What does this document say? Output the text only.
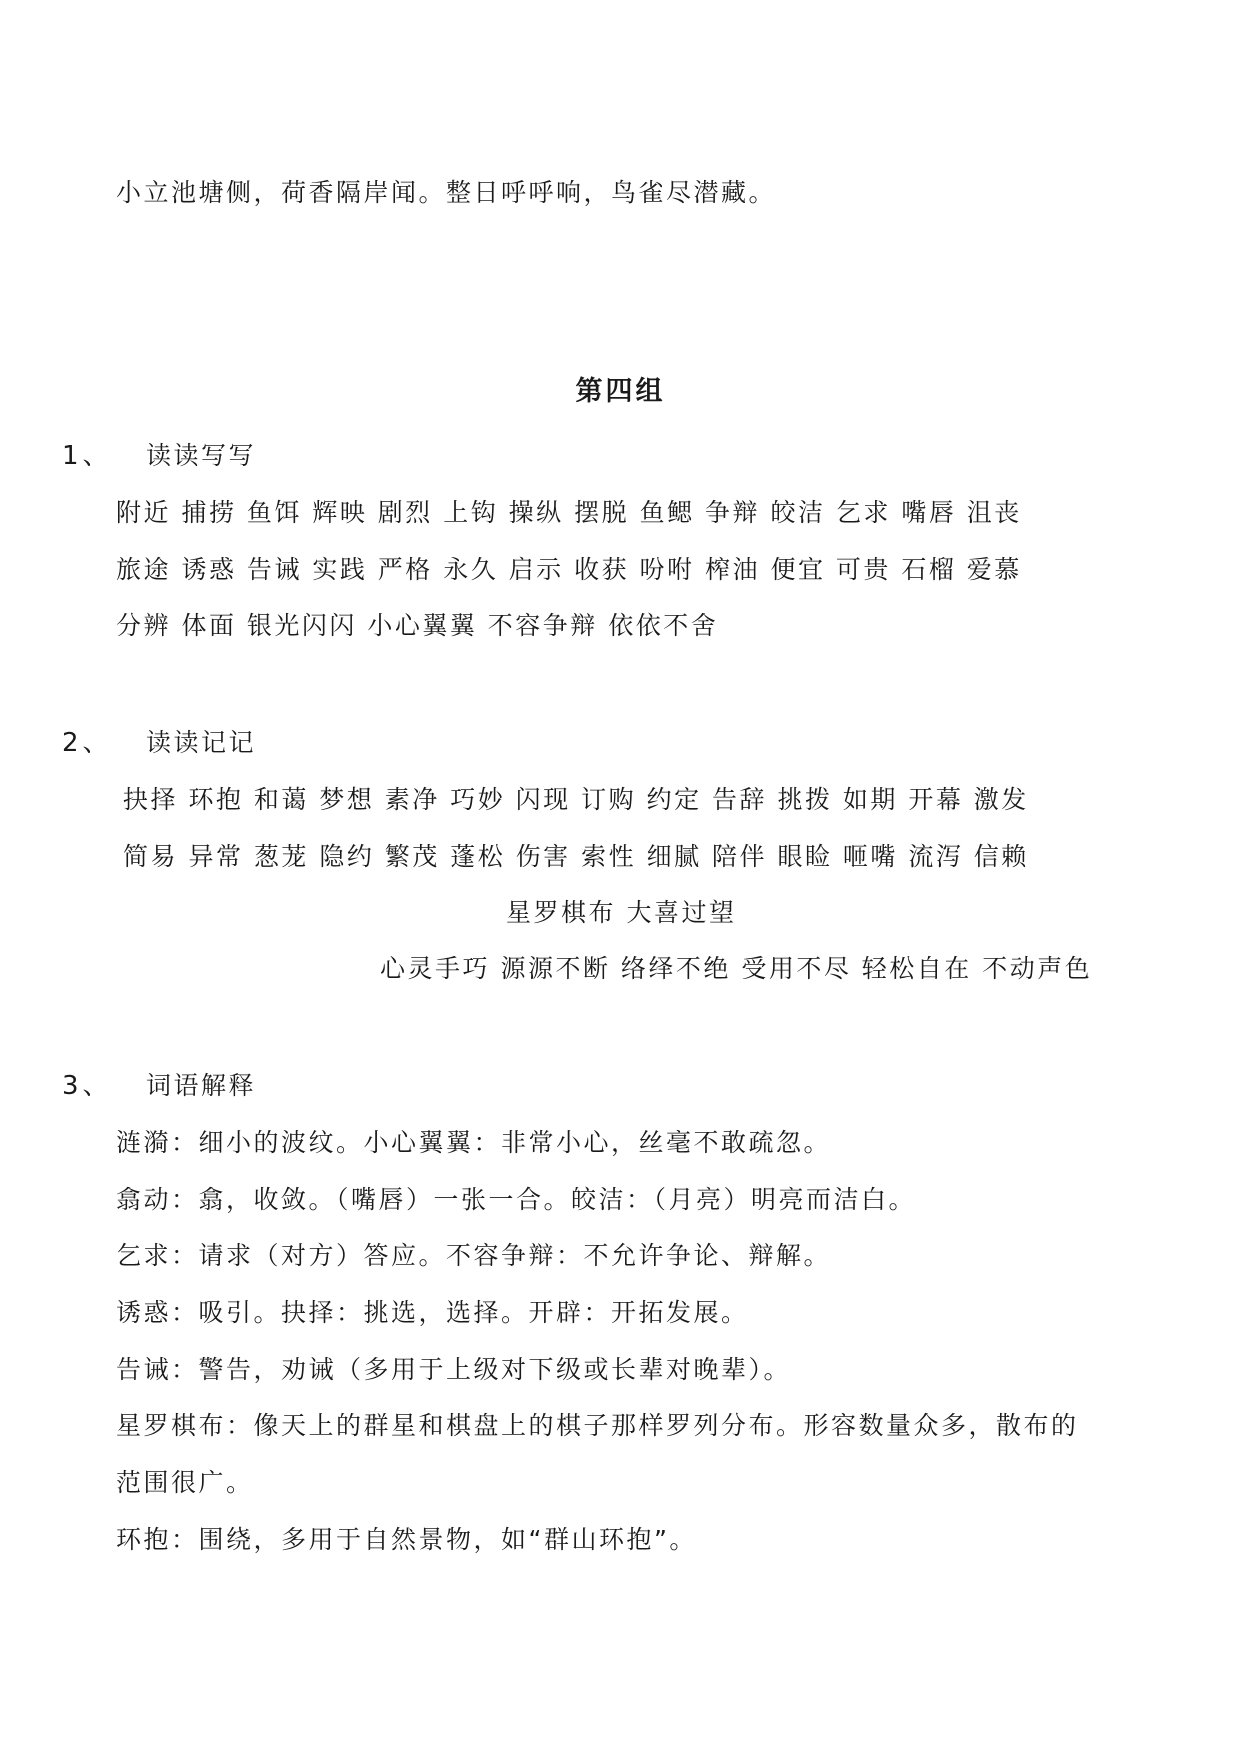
小立池塘侧，荷香隔岸闻。整日呼呼响，鸟雀尽潜藏。
第四组
1、 读读写写
附近 捕捞 鱼饵 辉映 剧烈 上钩 操纵 摆脱 鱼鳃 争辩 皎洁 乞求 嘴唇 沮丧
旅途 诱惑 告诫 实践 严格 永久 启示 收获 吩咐 榨油 便宜 可贵 石榴 爱慕
分辨 体面 银光闪闪 小心翼翼 不容争辩 依依不舍
2、 读读记记
抉择 环抱 和蔼 梦想 素净 巧妙 闪现 订购 约定 告辞 挑拨 如期 开幕 激发
简易 异常 葱茏 隐约 繁茂 蓬松 伤害 索性 细腻 陪伴 眼睑 咂嘴 流泻 信赖
星罗棋布 大喜过望
心灵手巧 源源不断 络绎不绝 受用不尽 轻松自在 不动声色
3、 词语解释
涟漪：细小的波纹。小心翼翼：非常小心，丝毫不敢疏忽。
翕动：翕，收敛。（嘴唇）一张一合。皎洁：（月亮）明亮而洁白。
乞求：请求（对方）答应。不容争辩：不允许争论、辩解。
诱惑：吸引。抉择：挑选，选择。开辟：开拓发展。
告诫：警告，劝诫（多用于上级对下级或长辈对晚辈）。
星罗棋布：像天上的群星和棋盘上的棋子那样罗列分布。形容数量众多，散布的
范围很广。
环抱：围绕，多用于自然景物，如“群山环抱”。
